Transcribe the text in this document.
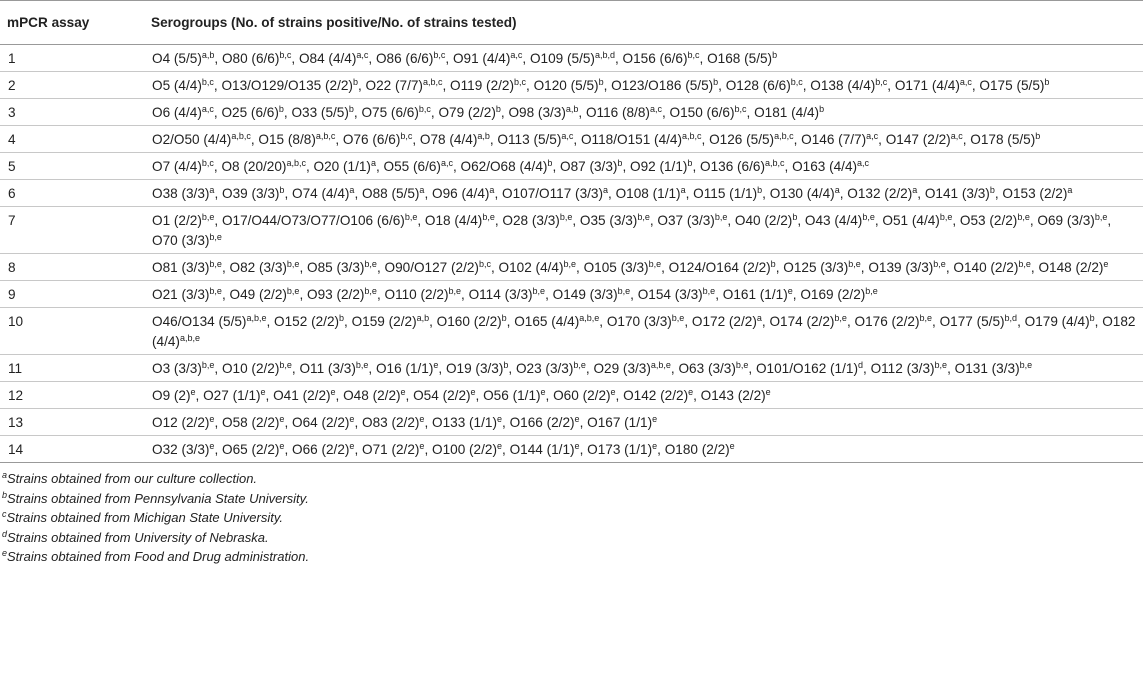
mPCR assay	Serogroups (No. of strains positive/No. of strains tested)
1	O4 $(5/5)^{a,b}$, O80 $(6/6)^{b,c}$, O84 $(4/4)^{a,c}$, O86 $(6/6)^{b,c}$, O91 $(4/4)^{a,c}$, O109 $(5/5)^{a,b,d}$, O156 $(6/6)^{b,c}$, O168 $(5/5)^b$
2	O5 $(4/4)^{b,c}$, O13/O129/O135 $(2/2)^b$, O22 $(7/7)^{a,b,c}$, O119 $(2/2)^{b,c}$, O120 $(5/5)^b$, O123/O186 $(5/5)^b$, O128 $(6/6)^{b,c}$, O138 $(4/4)^{b,c}$, O171 $(4/4)^{a,c}$, O175 $(5/5)^b$
3	O6 $(4/4)^{a,c}$, O25 $(6/6)^b$, O33 $(5/5)^b$, O75 $(6/6)^{b,c}$, O79 $(2/2)^b$, O98 $(3/3)^{a,b}$, O116 $(8/8)^{a,c}$, O150 $(6/6)^{b,c}$, O181 $(4/4)^b$
4	O2/O50 $(4/4)^{a,b,c}$, O15 $(8/8)^{a,b,c}$, O76 $(6/6)^{b,c}$, O78 $(4/4)^{a,b}$, O113 $(5/5)^{a,c}$, O118/O151 $(4/4)^{a,b,c}$, O126 $(5/5)^{a,b,c}$, O146 $(7/7)^{a,c}$, O147 $(2/2)^{a,c}$, O178 $(5/5)^b$
5	O7 $(4/4)^{b,c}$, O8 $(20/20)^{a,b,c}$, O20 $(1/1)^a$, O55 $(6/6)^{a,c}$, O62/O68 $(4/4)^b$, O87 $(3/3)^b$, O92 $(1/1)^b$, O136 $(6/6)^{a,b,c}$, O163 $(4/4)^{a,c}$
6	O38 $(3/3)^a$, O39 $(3/3)^b$, O74 $(4/4)^a$, O88 $(5/5)^a$, O96 $(4/4)^a$, O107/O117 $(3/3)^a$, O108 $(1/1)^a$, O115 $(1/1)^b$, O130 $(4/4)^a$, O132 $(2/2)^a$, O141 $(3/3)^b$, O153 $(2/2)^a$
7	O1 $(2/2)^{b,e}$, O17/O44/O73/O77/O106 $(6/6)^{b,e}$, O18 $(4/4)^{b,e}$, O28 $(3/3)^{b,e}$, O35 $(3/3)^{b,e}$, O37 $(3/3)^{b,e}$, O40 $(2/2)^b$, O43 $(4/4)^{b,e}$, O51 $(4/4)^{b,e}$, O53 $(2/2)^{b,e}$, O69 $(3/3)^{b,e}$, O70 $(3/3)^{b,e}$
8	O81 $(3/3)^{b,e}$, O82 $(3/3)^{b,e}$, O85 $(3/3)^{b,e}$, O90/O127 $(2/2)^{b,c}$, O102 $(4/4)^{b,e}$, O105 $(3/3)^{b,e}$, O124/O164 $(2/2)^b$, O125 $(3/3)^{b,e}$, O139 $(3/3)^{b,e}$, O140 $(2/2)^{b,e}$, O148 $(2/2)^e$
9	O21 $(3/3)^{b,e}$, O49 $(2/2)^{b,e}$, O93 $(2/2)^{b,e}$, O110 $(2/2)^{b,e}$, O114 $(3/3)^{b,e}$, O149 $(3/3)^{b,e}$, O154 $(3/3)^{b,e}$, O161 $(1/1)^e$, O169 $(2/2)^{b,e}$
10	O46/O134 $(5/5)^{a,b,e}$, O152 $(2/2)^b$, O159 $(2/2)^{a,b}$, O160 $(2/2)^b$, O165 $(4/4)^{a,b,e}$, O170 $(3/3)^{b,e}$, O172 $(2/2)^a$, O174 $(2/2)^{b,e}$, O176 $(2/2)^{b,e}$, O177 $(5/5)^{b,d}$, O179 $(4/4)^b$, O182 $(4/4)^{a,b,e}$
11	O3 $(3/3)^{b,e}$, O10 $(2/2)^{b,e}$, O11 $(3/3)^{b,e}$, O16 $(1/1)^e$, O19 $(3/3)^b$, O23 $(3/3)^{b,e}$, O29 $(3/3)^{a,b,e}$, O63 $(3/3)^{b,e}$, O101/O162 $(1/1)^d$, O112 $(3/3)^{b,e}$, O131 $(3/3)^{b,e}$
12	O9 $(2)^e$, O27 $(1/1)^e$, O41 $(2/2)^e$, O48 $(2/2)^e$, O54 $(2/2)^e$, O56 $(1/1)^e$, O60 $(2/2)^e$, O142 $(2/2)^e$, O143 $(2/2)^e$
13	O12 $(2/2)^e$, O58 $(2/2)^e$, O64 $(2/2)^e$, O83 $(2/2)^e$, O133 $(1/1)^e$, O166 $(2/2)^e$, O167 $(1/1)^e$
14	O32 $(3/3)^e$, O65 $(2/2)^e$, O66 $(2/2)^e$, O71 $(2/2)^e$, O100 $(2/2)^e$, O144 $(1/1)^e$, O173 $(1/1)^e$, O180 $(2/2)^e$
$^a$Strains obtained from our culture collection.
$^b$Strains obtained from Pennsylvania State University.
$^c$Strains obtained from Michigan State University.
$^d$Strains obtained from University of Nebraska.
$^e$Strains obtained from Food and Drug administration.
